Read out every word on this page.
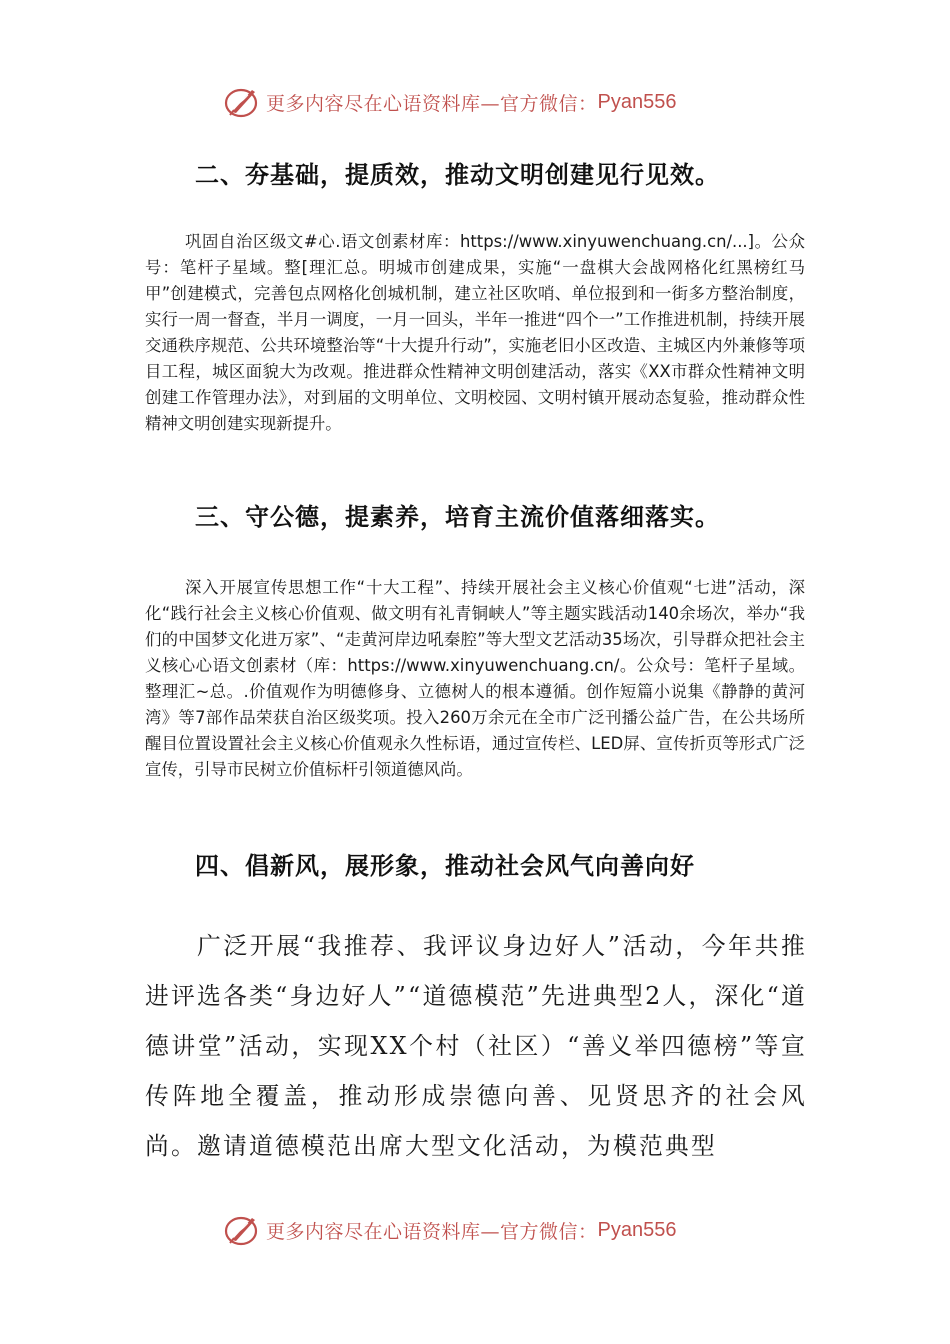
更多内容尽在心语资料库—官方微信： Pyan556
二、夯基础，提质效，推动文明创建见行见效。

巩固自治区级文#心.语文创素材库：https://www.xinyuwenchuang.cn/...]。公众号：笔杆子星域。整[理汇总。明城市创建成果，实施“一盘棋大会战网格化红黑榜红马甲”创建模式，完善包点网格化创城机制，建立社区吹哨、单位报到和一街多方整治制度，实行一周一督查，半月一调度，一月一回头，半年一推进“四个一”工作推进机制，持续开展交通秩序规范、公共环境整治等“十大提升行动”，实施老旧小区改造、主城区内外兼修等项目工程，城区面貌大为改观。推进群众性精神文明创建活动，落实《XX市群众性精神文明创建工作管理办法》，对到届的文明单位、文明校园、文明村镇开展动态复验，推动群众性精神文明创建实现新提升。

三、守公德，提素养，培育主流价值落细落实。

深入开展宣传思想工作“十大工程”、持续开展社会主义核心价值观“七进”活动，深化“践行社会主义核心价值观、做文明有礼青铜峡人”等主题实践活动140余场次，举办“我们的中国梦文化进万家”、“走黄河岸边吼秦腔”等大型文艺活动35场次，引导群众把社会主义核心心语文创素材（库：https://www.xinyuwenchuang.cn/。公众号：笔杆子星域。整理汇~总。.价值观作为明德修身、立德树人的根本遵循。创作短篇小说集《静静的黄河湾》等7部作品荣获自治区级奖项。投入260万余元在全市广泛刊播公益广告，在公共场所醒目位置设置社会主义核心价值观永久性标语，通过宣传栏、LED屏、宣传折页等形式广泛宣传，引导市民树立价值标杆引领道德风尚。

四、倡新风，展形象，推动社会风气向善向好

广泛开展“我推荐、我评议身边好人”活动，今年共推进评选各类“身边好人”“道德模范”先进典型2人，深化“道德讲堂”活动，实现XX个村（社区）“善义举四德榜”等宣传阵地全覆盖，推动形成崇德向善、见贤思齐的社会风尚。邀请道德模范出席大型文化活动，为模范典型

更多内容尽在心语资料库—官方微信： Pyan556
